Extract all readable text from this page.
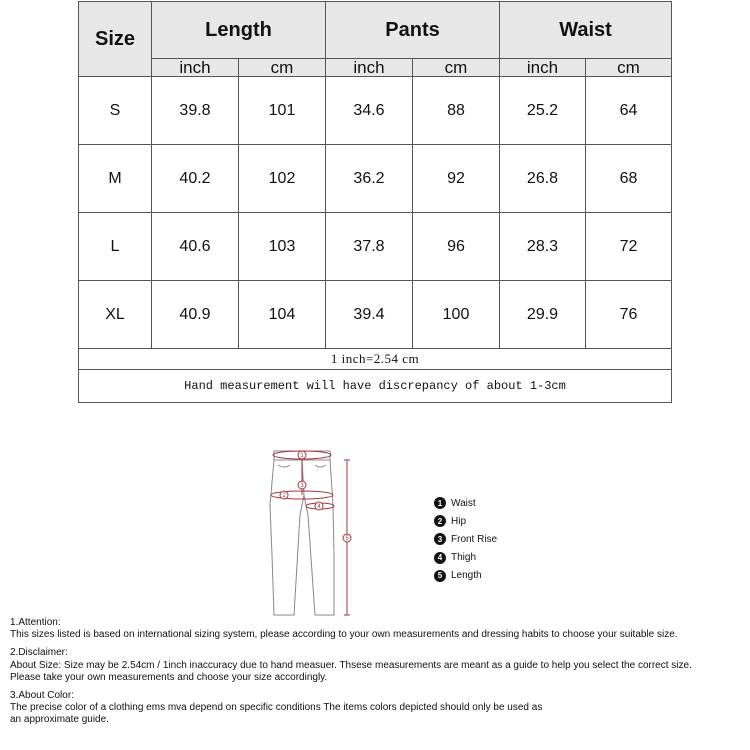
Size	Length		Pants		Waist	
	inch	cm	inch	cm	inch	cm
S	39.8	101	34.6	88	25.2	64
M	40.2	102	36.2	92	26.8	68
L	40.6	103	37.8	96	28.3	72
XL	40.9	104	39.4	100	29.9	76
1 inch=2.54 cm						
Hand measurement will have discrepancy of about 1-3cm						
1
2
3
4
5
1 Waist
2 Hip
3 Front Rise
4 Thigh
5 Length

1.Attention:

This sizes listed is based on international sizing system, please according to your own measurements and dressing habits to choose your suitable size.

2.Disclaimer:

About Size: Size may be 2.54cm / 1inch inaccuracy due to hand measuer. Thsese measurements are meant as a guide to help you select the correct size.

Please take your own measurements and choose your size accordingly.

3.About Color:

The precise color of a clothing ems mva depend on specific conditions The items colors depicted should only be used as

an approximate guide.
